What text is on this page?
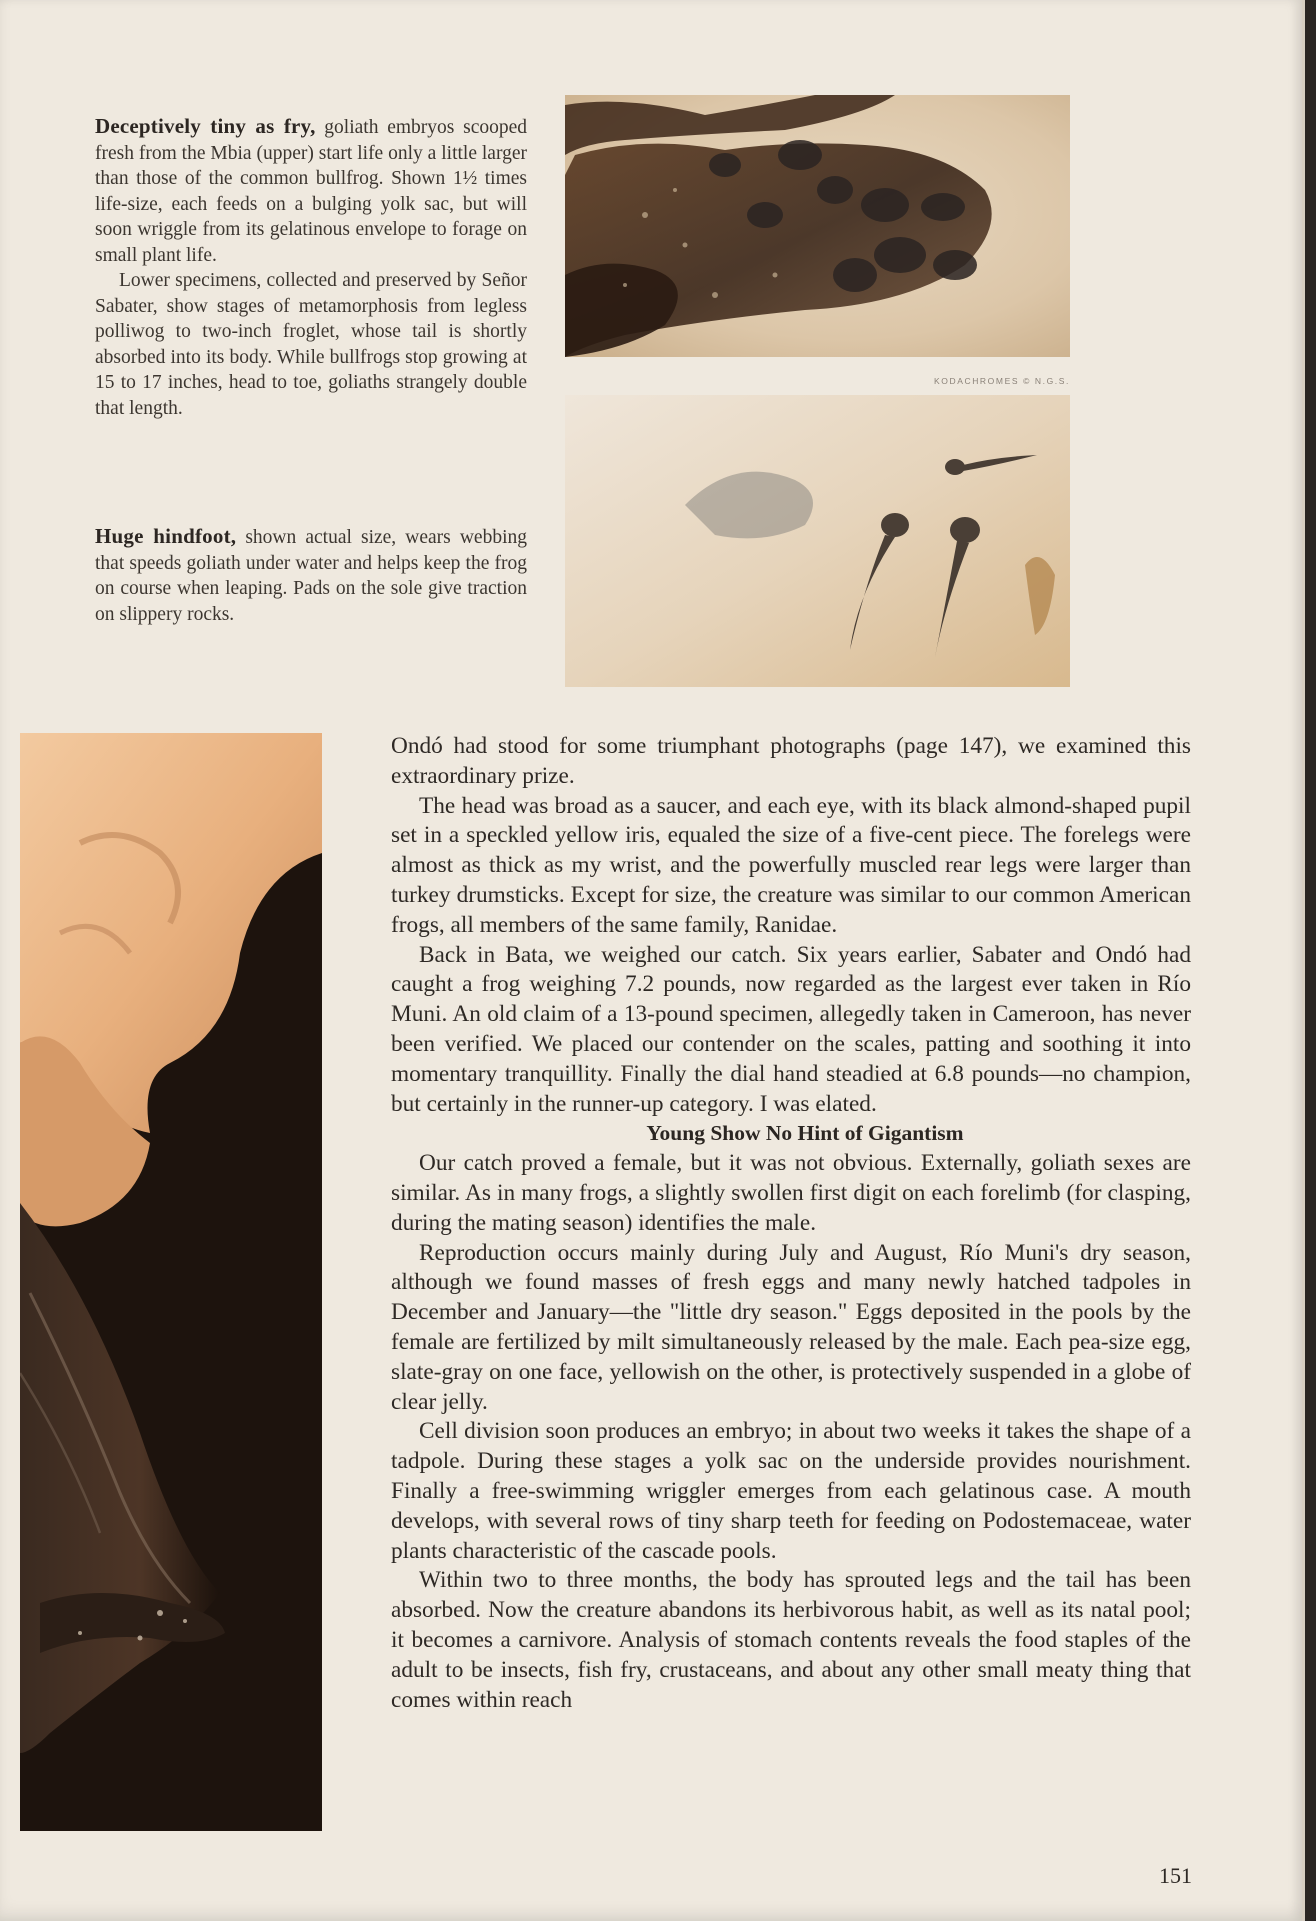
Deceptively tiny as fry, goliath embryos scooped fresh from the Mbia (upper) start life only a little larger than those of the common bullfrog. Shown 1½ times life-size, each feeds on a bulging yolk sac, but will soon wriggle from its gelatinous envelope to forage on small plant life.

Lower specimens, collected and preserved by Señor Sabater, show stages of metamorphosis from legless polliwog to two-inch froglet, whose tail is shortly absorbed into its body. While bullfrogs stop growing at 15 to 17 inches, head to toe, goliaths strangely double that length.

Huge hindfoot, shown actual size, wears webbing that speeds goliath under water and helps keep the frog on course when leaping. Pads on the sole give traction on slippery rocks.

KODACHROMES © N.G.S.

Ondó had stood for some triumphant photographs (page 147), we examined this extraordinary prize.

The head was broad as a saucer, and each eye, with its black almond-shaped pupil set in a speckled yellow iris, equaled the size of a five-cent piece. The forelegs were almost as thick as my wrist, and the powerfully muscled rear legs were larger than turkey drumsticks. Except for size, the creature was similar to our common American frogs, all members of the same family, Ranidae.

Back in Bata, we weighed our catch. Six years earlier, Sabater and Ondó had caught a frog weighing 7.2 pounds, now regarded as the largest ever taken in Río Muni. An old claim of a 13-pound specimen, allegedly taken in Cameroon, has never been verified. We placed our contender on the scales, patting and soothing it into momentary tranquillity. Finally the dial hand steadied at 6.8 pounds—no champion, but certainly in the runner-up category. I was elated.

Young Show No Hint of Gigantism

Our catch proved a female, but it was not obvious. Externally, goliath sexes are similar. As in many frogs, a slightly swollen first digit on each forelimb (for clasping, during the mating season) identifies the male.

Reproduction occurs mainly during July and August, Río Muni's dry season, although we found masses of fresh eggs and many newly hatched tadpoles in December and January—the "little dry season." Eggs deposited in the pools by the female are fertilized by milt simultaneously released by the male. Each pea-size egg, slate-gray on one face, yellowish on the other, is protectively suspended in a globe of clear jelly.

Cell division soon produces an embryo; in about two weeks it takes the shape of a tadpole. During these stages a yolk sac on the underside provides nourishment. Finally a free-swimming wriggler emerges from each gelatinous case. A mouth develops, with several rows of tiny sharp teeth for feeding on Podostemaceae, water plants characteristic of the cascade pools.

Within two to three months, the body has sprouted legs and the tail has been absorbed. Now the creature abandons its herbivorous habit, as well as its natal pool; it becomes a carnivore. Analysis of stomach contents reveals the food staples of the adult to be insects, fish fry, crustaceans, and about any other small meaty thing that comes within reach

151
